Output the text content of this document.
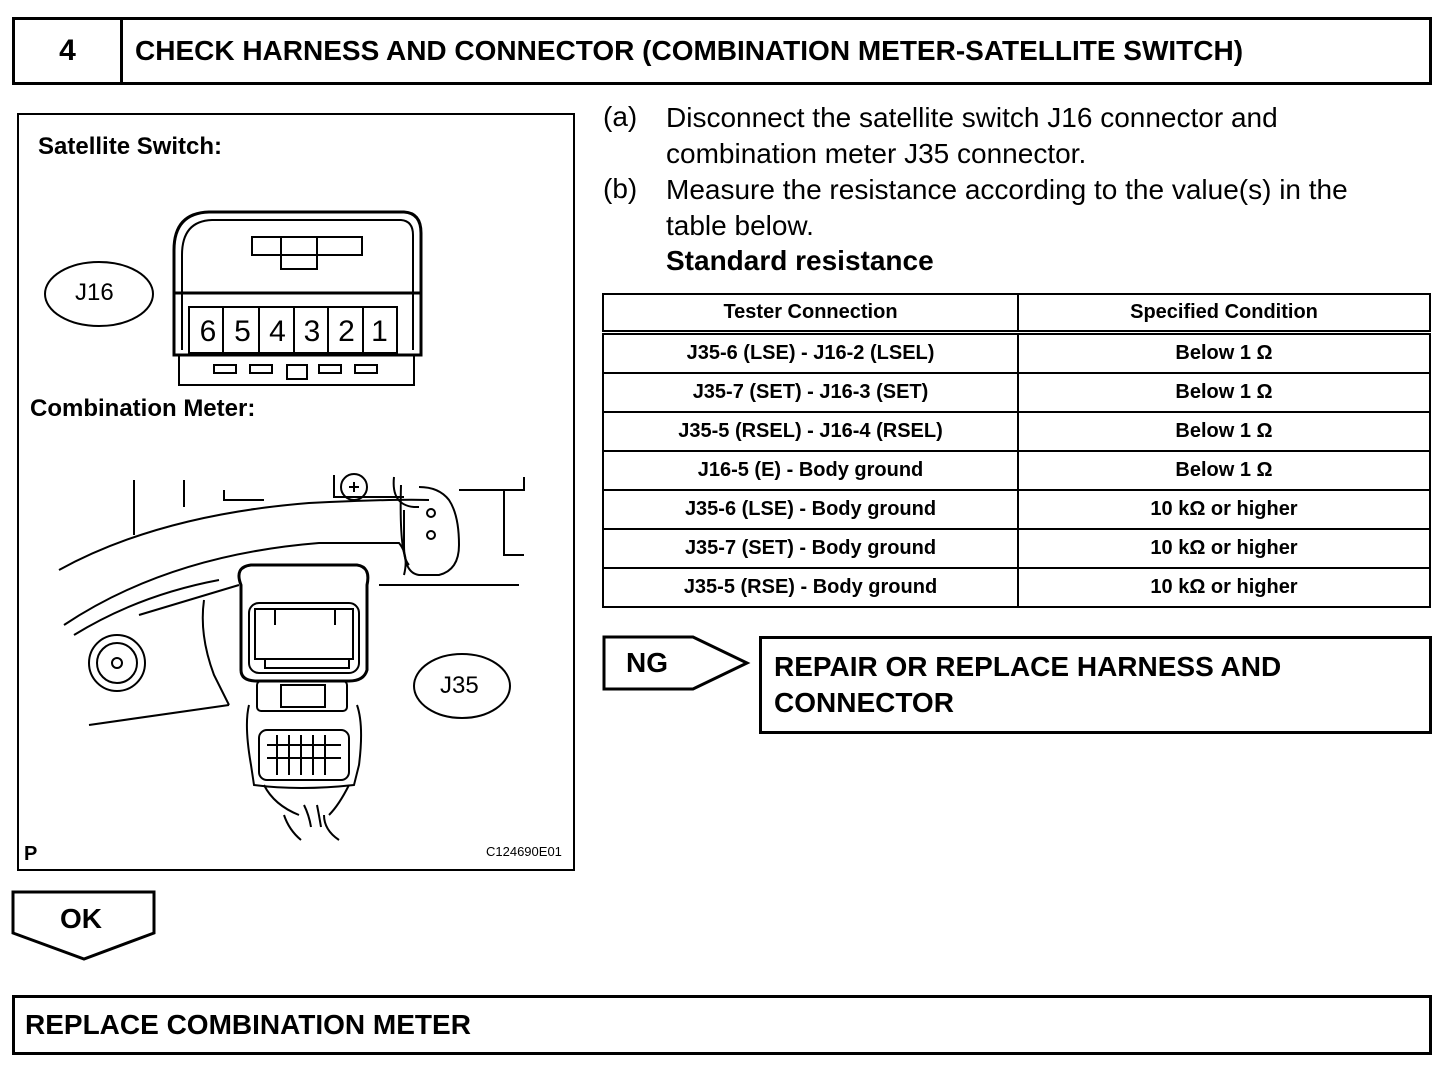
4	CHECK HARNESS AND CONNECTOR (COMBINATION METER-SATELLITE SWITCH)
Satellite Switch:
J16
6 5 4 3 2 1
Combination Meter:
J35
P	C124690E01
(a) Disconnect the satellite switch J16 connector and
combination meter J35 connector.
(b) Measure the resistance according to the value(s) in the
table below.
Standard resistance
Tester Connection	Specified Condition
J35-6 (LSE) - J16-2 (LSEL)	Below 1 Ω
J35-7 (SET) - J16-3 (SET)	Below 1 Ω
J35-5 (RSEL) - J16-4 (RSEL)	Below 1 Ω
J16-5 (E) - Body ground	Below 1 Ω
J35-6 (LSE) - Body ground	10 kΩ or higher
J35-7 (SET) - Body ground	10 kΩ or higher
J35-5 (RSE) - Body ground	10 kΩ or higher
NG	REPAIR OR REPLACE HARNESS AND
CONNECTOR
OK
REPLACE COMBINATION METER
